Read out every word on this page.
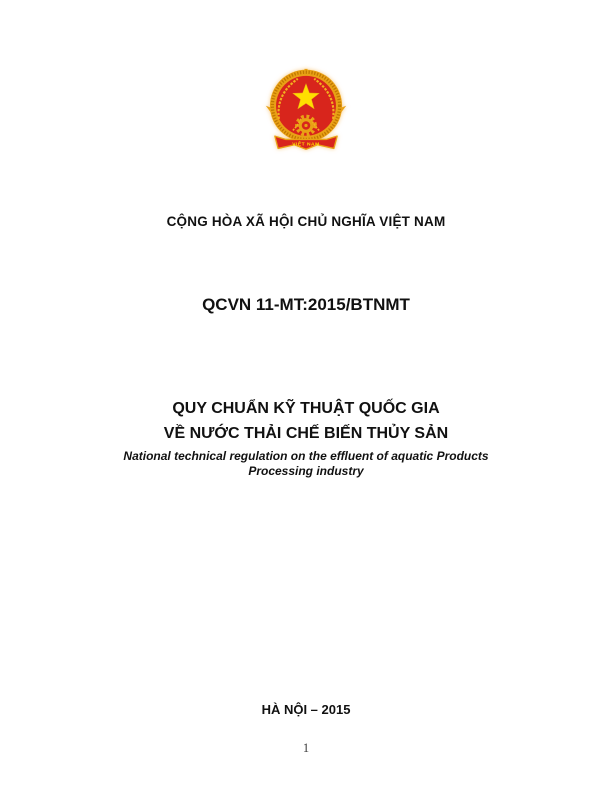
VIỆT NAM
CỘNG HÒA XÃ HỘI CHỦ NGHĨA VIỆT NAM
QCVN 11-MT:2015/BTNMT
QUY CHUẨN KỸ THUẬT QUỐC GIA
VỀ NƯỚC THẢI CHẾ BIẾN THỦY SẢN
National technical regulation on the effluent of aquatic Products
Processing industry
HÀ NỘI – 2015
1
